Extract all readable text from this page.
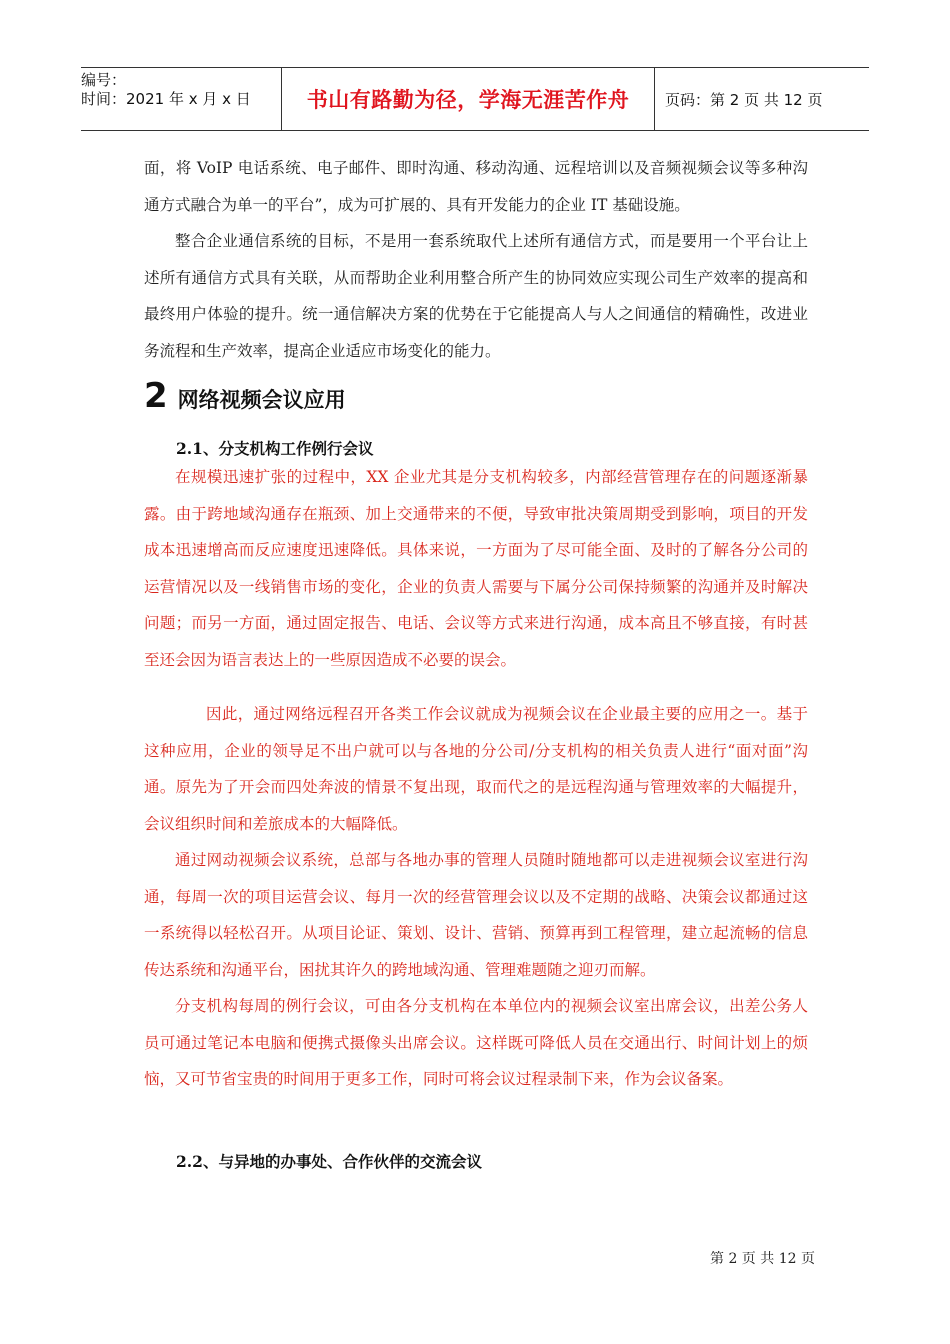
编号：
时间：2021 年 x 月 x 日	书山有路勤为径，学海无涯苦作舟 页码：第 2 页 共 12 页

面，将 VoIP 电话系统、电子邮件、即时沟通、移动沟通、远程培训以及音频视频会议等多种沟通方式融合为单一的平台”，成为可扩展的、具有开发能力的企业 IT 基础设施。

整合企业通信系统的目标，不是用一套系统取代上述所有通信方式，而是要用一个平台让上述所有通信方式具有关联，从而帮助企业利用整合所产生的协同效应实现公司生产效率的提高和最终用户体验的提升。统一通信解决方案的优势在于它能提高人与人之间通信的精确性，改进业务流程和生产效率，提高企业适应市场变化的能力。

2 网络视频会议应用
2.1、分支机构工作例行会议

在规模迅速扩张的过程中，XX 企业尤其是分支机构较多，内部经营管理存在的问题逐渐暴露。由于跨地域沟通存在瓶颈、加上交通带来的不便，导致审批决策周期受到影响，项目的开发成本迅速增高而反应速度迅速降低。具体来说，一方面为了尽可能全面、及时的了解各分公司的运营情况以及一线销售市场的变化，企业的负责人需要与下属分公司保持频繁的沟通并及时解决问题；而另一方面，通过固定报告、电话、会议等方式来进行沟通，成本高且不够直接，有时甚至还会因为语言表达上的一些原因造成不必要的误会。

因此，通过网络远程召开各类工作会议就成为视频会议在企业最主要的应用之一。基于这种应用，企业的领导足不出户就可以与各地的分公司/分支机构的相关负责人进行“面对面”沟通。原先为了开会而四处奔波的情景不复出现，取而代之的是远程沟通与管理效率的大幅提升，会议组织时间和差旅成本的大幅降低。

通过网动视频会议系统，总部与各地办事的管理人员随时随地都可以走进视频会议室进行沟通，每周一次的项目运营会议、每月一次的经营管理会议以及不定期的战略、决策会议都通过这一系统得以轻松召开。从项目论证、策划、设计、营销、预算再到工程管理，建立起流畅的信息传达系统和沟通平台，困扰其许久的跨地域沟通、管理难题随之迎刃而解。

分支机构每周的例行会议，可由各分支机构在本单位内的视频会议室出席会议，出差公务人员可通过笔记本电脑和便携式摄像头出席会议。这样既可降低人员在交通出行、时间计划上的烦恼，又可节省宝贵的时间用于更多工作，同时可将会议过程录制下来，作为会议备案。

2.2、与异地的办事处、合作伙伴的交流会议
第 2 页 共 12 页
